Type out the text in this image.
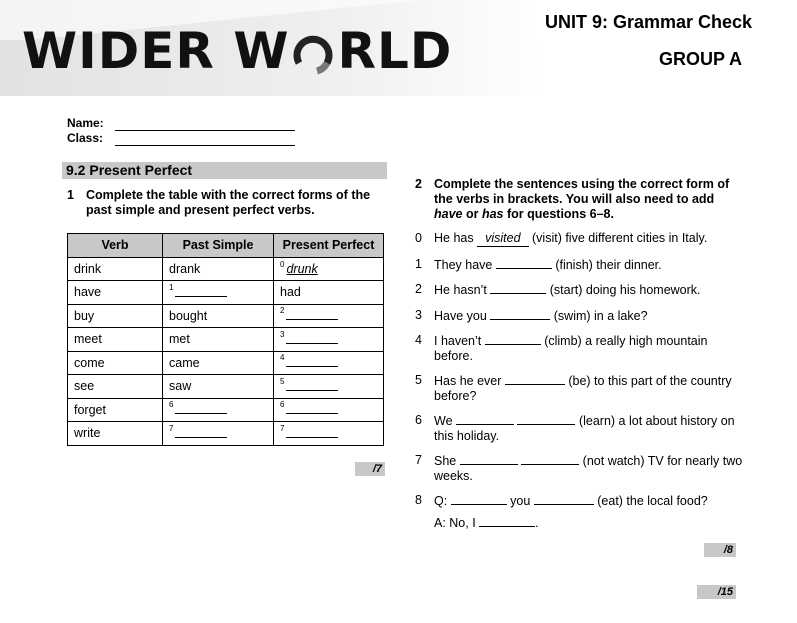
WIDER W RLD	UNIT 9: Grammar Check
GROUP A
Name:
Class:
9.2 Present Perfect
1 Complete the table with the correct forms of the past simple and present perfect verbs.
Verb	Past Simple	Present Perfect
drink	drank	$^0$ drunk
have	$^1$	had
buy	bought	$^2$
meet	met	$^3$
come	came	$^4$
see	saw	$^5$
forget	$^6$	$^6$
write	$^7$	$^7$
/7
2 Complete the sentences using the correct form of the verbs in brackets. You will also need to add have or has for questions 6–8.
0 He has visited (visit) five different cities in Italy.
1 They have	(finish) their dinner.
2 He hasn’t	(start) doing his homework.
3 Have you	(swim) in a lake?
4 I haven’t	(climb) a really high mountain before.
5 Has he ever	(be) to this part of the country before?
6 We	(learn) a lot about history on this holiday.
7 She	(not watch) TV for nearly two weeks.
8 Q:	you	(eat) the local food?
A: No, I	.
/8
/15
